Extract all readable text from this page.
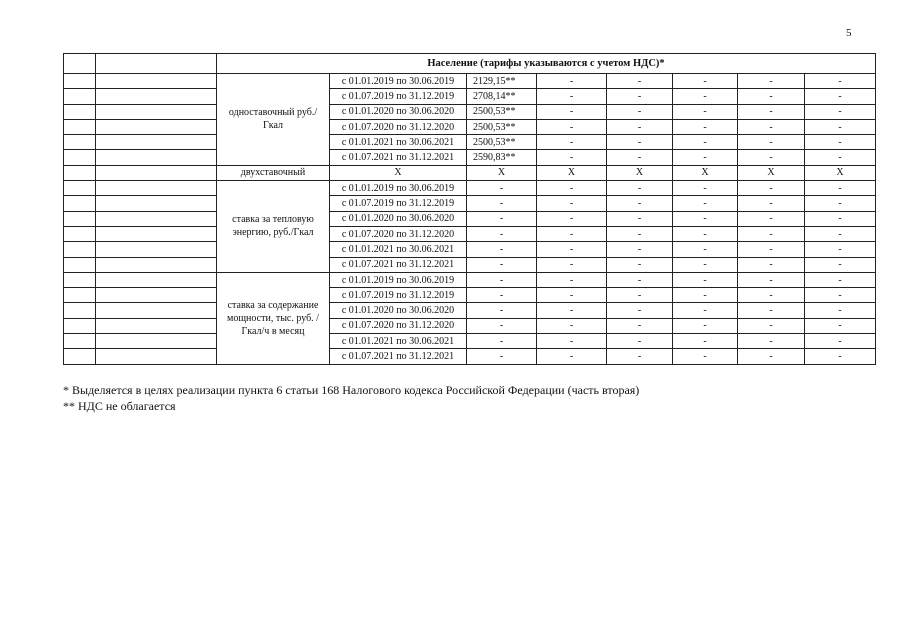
5
		Население (тарифы указываются с учетом НДС)*							
		одноставочный руб./Гкал	с 01.01.2019 по 30.06.2019	2129,15**	-	-	-	-	-
			с 01.07.2019 по 31.12.2019	2708,14**	-	-	-	-	-
			с 01.01.2020 по 30.06.2020	2500,53**	-	-	-	-	-
			с 01.07.2020 по 31.12.2020	2500,53**	-	-	-	-	-
			с 01.01.2021 по 30.06.2021	2500,53**	-	-	-	-	-
			с 01.07.2021 по 31.12.2021	2590,83**	-	-	-	-	-
		двухставочный	X	X	X	X	X	X	X
		ставка за тепловую энергию, руб./Гкал	с 01.01.2019 по 30.06.2019	-	-	-	-	-	-
			с 01.07.2019 по 31.12.2019	-	-	-	-	-	-
			с 01.01.2020 по 30.06.2020	-	-	-	-	-	-
			с 01.07.2020 по 31.12.2020	-	-	-	-	-	-
			с 01.01.2021 по 30.06.2021	-	-	-	-	-	-
			с 01.07.2021 по 31.12.2021	-	-	-	-	-	-
		ставка за содержание мощности, тыс. руб. /Гкал/ч в месяц	с 01.01.2019 по 30.06.2019	-	-	-	-	-	-
			с 01.07.2019 по 31.12.2019	-	-	-	-	-	-
			с 01.01.2020 по 30.06.2020	-	-	-	-	-	-
			с 01.07.2020 по 31.12.2020	-	-	-	-	-	-
			с 01.01.2021 по 30.06.2021	-	-	-	-	-	-
			с 01.07.2021 по 31.12.2021	-	-	-	-	-	-
* Выделяется в целях реализации пункта 6 статьи 168 Налогового кодекса Российской Федерации (часть вторая)
** НДС не облагается
